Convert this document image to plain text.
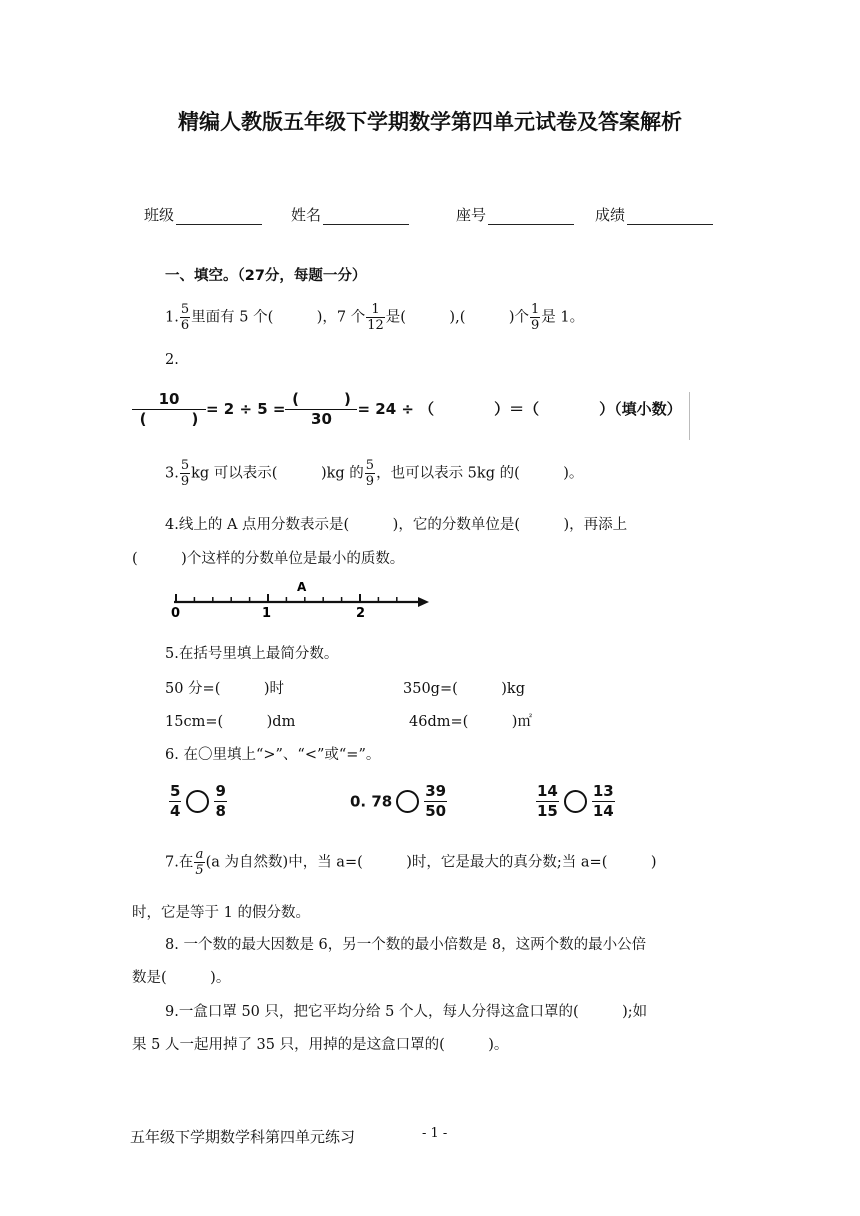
精编人教版五年级下学期数学第四单元试卷及答案解析
班级	姓名	座号	成绩
一、填空。（27分，每题一分）
1. $\frac{5}{6}$ 里面有 5 个(　　　)，7 个 $\frac{1}{12}$ 是(　　　),(　　　)个 $\frac{1}{9}$ 是 1。
2.
$\frac{10}{( )} = 2 \div 5 = \frac{( )}{30} = 24$ ÷ （　　　　）＝（　　　　）（填小数）
3. $\frac{5}{9}$ kg 可以表示(　　　)kg 的 $\frac{5}{9}$ ，也可以表示 5kg 的(　　　)。
4.线上的 A 点用分数表示是(　　　)，它的分数单位是(　　　)，再添上
(　　　)个这样的分数单位是最小的质数。
0	1	2
A
5.在括号里填上最简分数。
50 分=(　　　)时	350g=(　　　)kg
15cm=(　　　)dm	46dm=(　　　)㎡
6. 在〇里填上“>”、“<”或“=”。
$\frac{5}{4} \frac{9}{8}$	0. $78 \frac{39}{50}$	$\frac{14}{15} \frac{13}{14}$
7.在 $\frac{a}{5} (a$ 为自然数)中，当 a=(　　　)时，它是最大的真分数;当 a=(　　　)
时，它是等于 1 的假分数。
8. 一个数的最大因数是 6，另一个数的最小倍数是 8，这两个数的最小公倍
数是(　　　)。
9.一盒口罩 50 只，把它平均分给 5 个人，每人分得这盒口罩的(　　　);如
果 5 人一起用掉了 35 只，用掉的是这盒口罩的(　　　)。
五年级下学期数学科第四单元练习	- 1 -
